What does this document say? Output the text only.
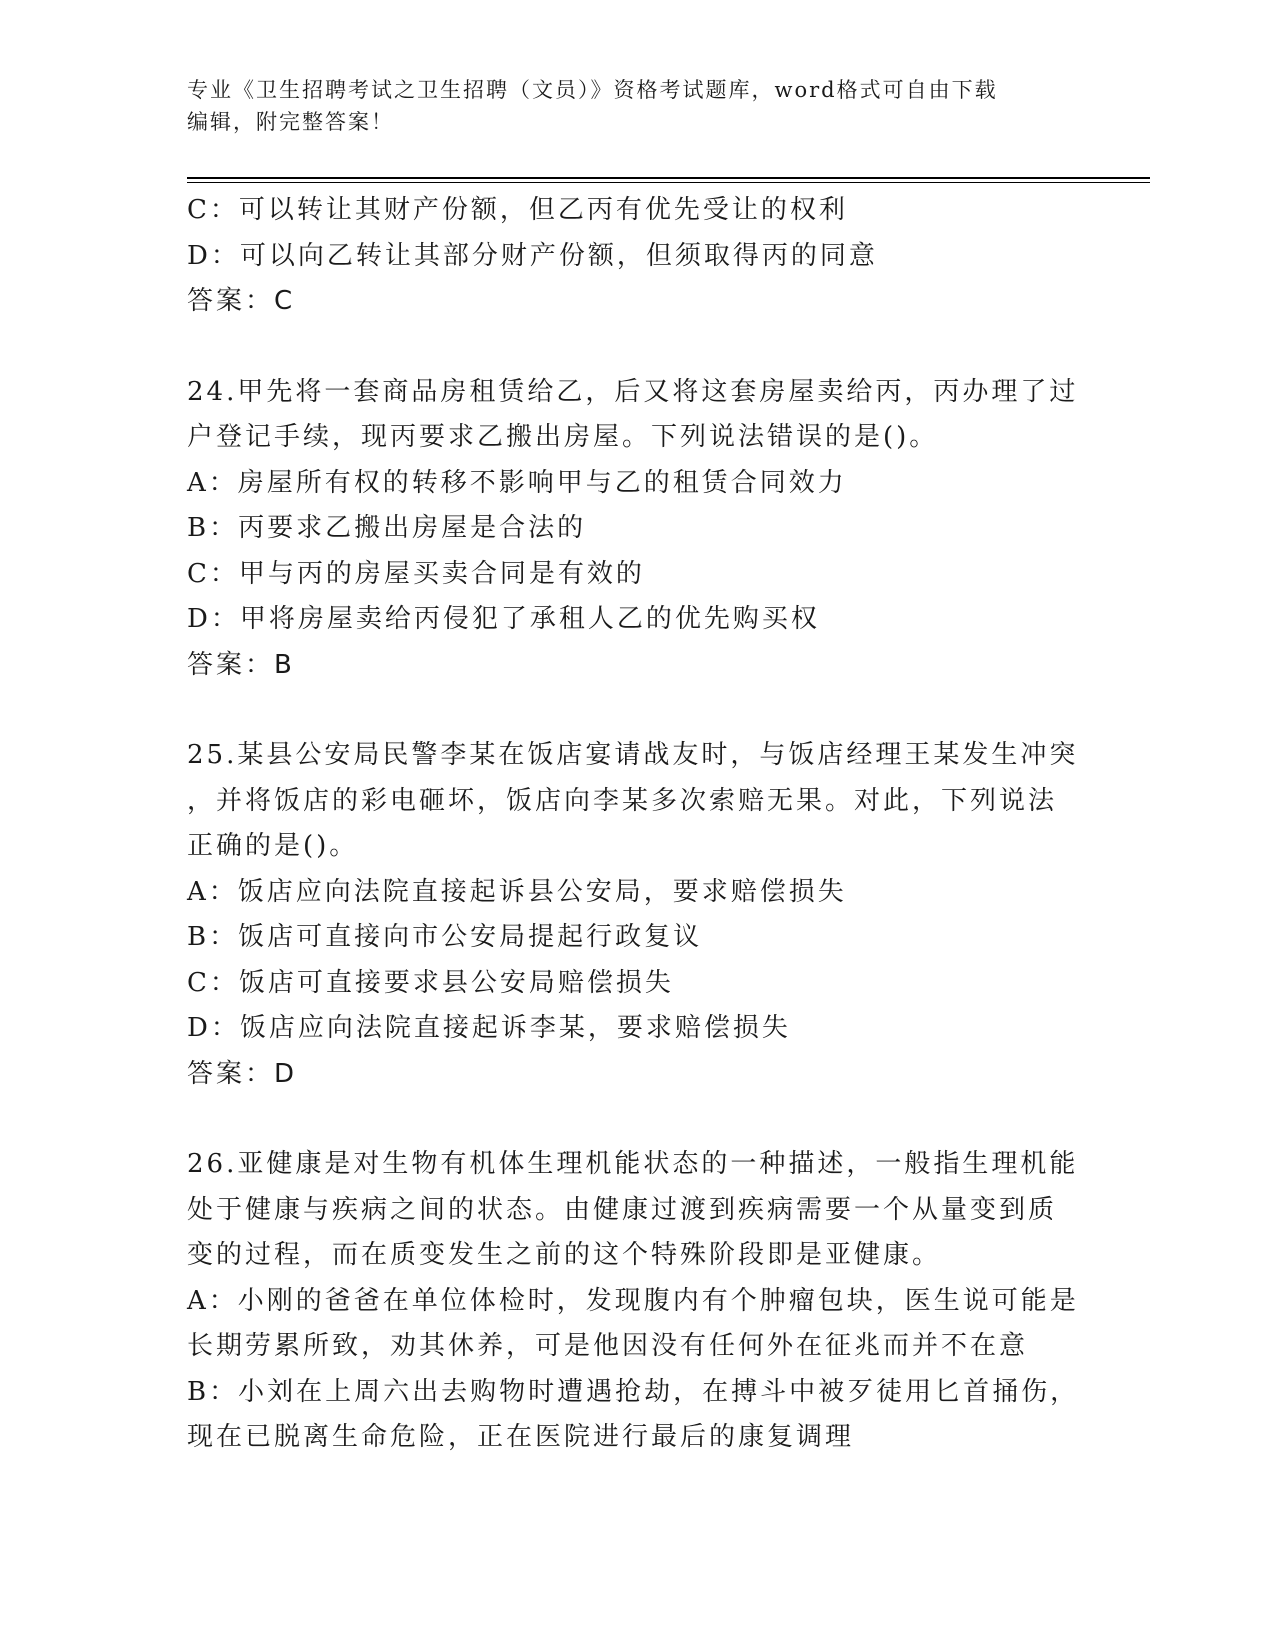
专业《卫生招聘考试之卫生招聘（文员）》资格考试题库，word格式可自由下载
编辑，附完整答案！
C：可以转让其财产份额，但乙丙有优先受让的权利
D：可以向乙转让其部分财产份额，但须取得丙的同意
答案：C
24.甲先将一套商品房租赁给乙，后又将这套房屋卖给丙，丙办理了过
户登记手续，现丙要求乙搬出房屋。下列说法错误的是()。
A：房屋所有权的转移不影响甲与乙的租赁合同效力
B：丙要求乙搬出房屋是合法的
C：甲与丙的房屋买卖合同是有效的
D：甲将房屋卖给丙侵犯了承租人乙的优先购买权
答案：B
25.某县公安局民警李某在饭店宴请战友时，与饭店经理王某发生冲突
，并将饭店的彩电砸坏，饭店向李某多次索赔无果。对此，下列说法
正确的是()。
A：饭店应向法院直接起诉县公安局，要求赔偿损失
B：饭店可直接向市公安局提起行政复议
C：饭店可直接要求县公安局赔偿损失
D：饭店应向法院直接起诉李某，要求赔偿损失
答案：D
26.亚健康是对生物有机体生理机能状态的一种描述，一般指生理机能
处于健康与疾病之间的状态。由健康过渡到疾病需要一个从量变到质
变的过程，而在质变发生之前的这个特殊阶段即是亚健康。
A：小刚的爸爸在单位体检时，发现腹内有个肿瘤包块，医生说可能是
长期劳累所致，劝其休养，可是他因没有任何外在征兆而并不在意
B：小刘在上周六出去购物时遭遇抢劫，在搏斗中被歹徒用匕首捅伤，
现在已脱离生命危险，正在医院进行最后的康复调理
